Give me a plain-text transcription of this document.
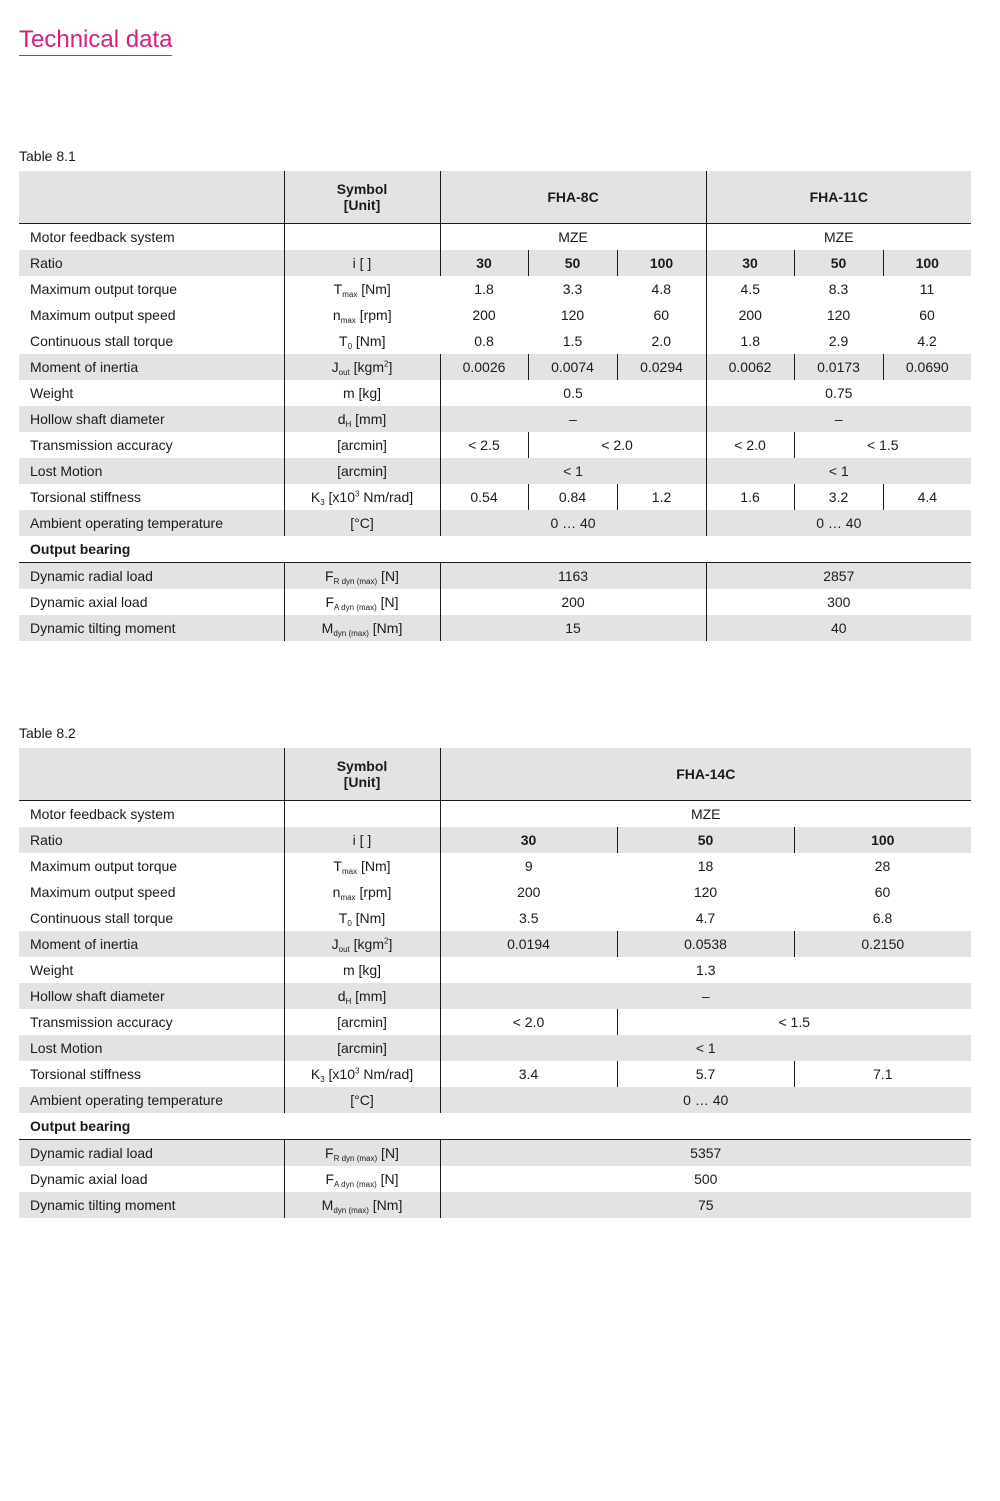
Technical data

Table 8.1

	Symbol
[Unit]	FHA-8C			FHA-11C		
Motor feedback system		MZE			MZE		
Ratio	i [ ]	30	50	100	30	50	100
Maximum output torque	$T_{max}$ [Nm]	1.8	3.3	4.8	4.5	8.3	11
Maximum output speed	$n_{max}$ [rpm]	200	120	60	200	120	60
Continuous stall torque	$T_0$ [Nm]	0.8	1.5	2.0	1.8	2.9	4.2
Moment of inertia	$J_{out}$ [kgm$^2$]	0.0026	0.0074	0.0294	0.0062	0.0173	0.0690
Weight	m [kg]	0.5			0.75		
Hollow shaft diameter	$d_H$ [mm]	–			–		
Transmission accuracy	[arcmin]	< 2.5	< 2.0		< 2.0	< 1.5	
Lost Motion	[arcmin]	< 1			< 1		
Torsional stiffness	$K_3$ [$x10^3$ Nm/rad]	0.54	0.84	1.2	1.6	3.2	4.4
Ambient operating temperature	[°C]	0 … 40			0 … 40		
Output bearing							
Dynamic radial load	$F_{R dyn (max)}$ [N]	1163			2857		
Dynamic axial load	$F_{A dyn (max)}$ [N]	200			300		
Dynamic tilting moment	$M_{dyn (max)}$ [Nm]	15			40		

Table 8.2

	Symbol
[Unit]	FHA-14C		
Motor feedback system		MZE		
Ratio	i [ ]	30	50	100
Maximum output torque	$T_{max}$ [Nm]	9	18	28
Maximum output speed	$n_{max}$ [rpm]	200	120	60
Continuous stall torque	$T_0$ [Nm]	3.5	4.7	6.8
Moment of inertia	$J_{out}$ [kgm$^2$]	0.0194	0.0538	0.2150
Weight	m [kg]	1.3		
Hollow shaft diameter	$d_H$ [mm]	–		
Transmission accuracy	[arcmin]	< 2.0	< 1.5	
Lost Motion	[arcmin]	< 1		
Torsional stiffness	$K_3$ [$x10^3$ Nm/rad]	3.4	5.7	7.1
Ambient operating temperature	[°C]	0 … 40		
Output bearing				
Dynamic radial load	$F_{R dyn (max)}$ [N]	5357		
Dynamic axial load	$F_{A dyn (max)}$ [N]	500		
Dynamic tilting moment	$M_{dyn (max)}$ [Nm]	75		
